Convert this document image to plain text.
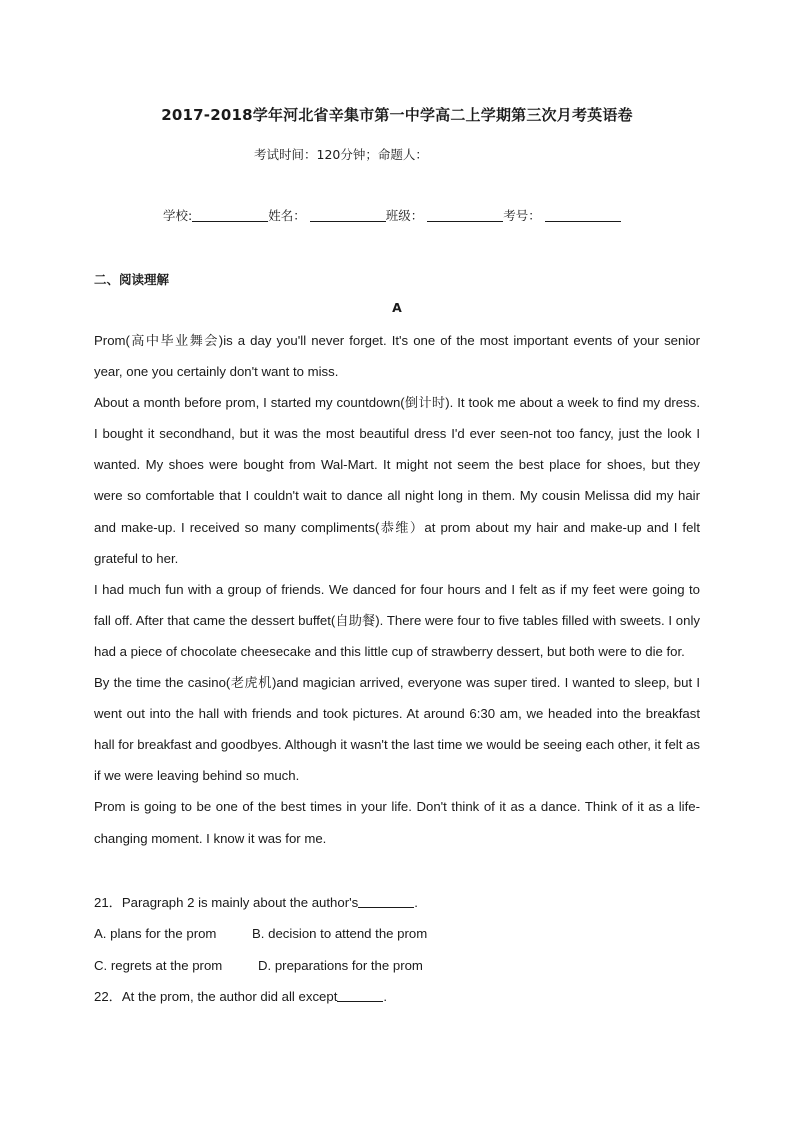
2017-2018学年河北省辛集市第一中学高二上学期第三次月考英语卷
考试时间：120分钟；命题人：
学校:	姓名：	班级：	考号：
二、阅读理解
A

Prom(高中毕业舞会)is a day you'll never forget. It's one of the most important events of your senior year, one you certainly don't want to miss.

About a month before prom, I started my countdown(倒计时). It took me about a week to find my dress. I bought it secondhand, but it was the most beautiful dress I'd ever seen-not too fancy, just the look I wanted. My shoes were bought from Wal-Mart. It might not seem the best place for shoes, but they were so comfortable that I couldn't wait to dance all night long in them. My cousin Melissa did my hair and make-up. I received so many compliments(恭维）at prom about my hair and make-up and I felt grateful to her.

I had much fun with a group of friends. We danced for four hours and I felt as if my feet were going to fall off. After that came the dessert buffet(自助餐). There were four to five tables filled with sweets. I only had a piece of chocolate cheesecake and this little cup of strawberry dessert, but both were to die for.

By the time the casino(老虎机)and magician arrived, everyone was super tired. I wanted to sleep, but I went out into the hall with friends and took pictures. At around 6:30 am, we headed into the breakfast hall for breakfast and goodbyes. Although it wasn't the last time we would be seeing each other, it felt as if we were leaving behind so much.

Prom is going to be one of the best times in your life. Don't think of it as a dance. Think of it as a life-changing moment. I know it was for me.

21．Paragraph 2 is mainly about the author's	.
A. plans for the prom	B. decision to attend the prom
C. regrets at the prom	D. preparations for the prom
22．At the prom, the author did all except	.
